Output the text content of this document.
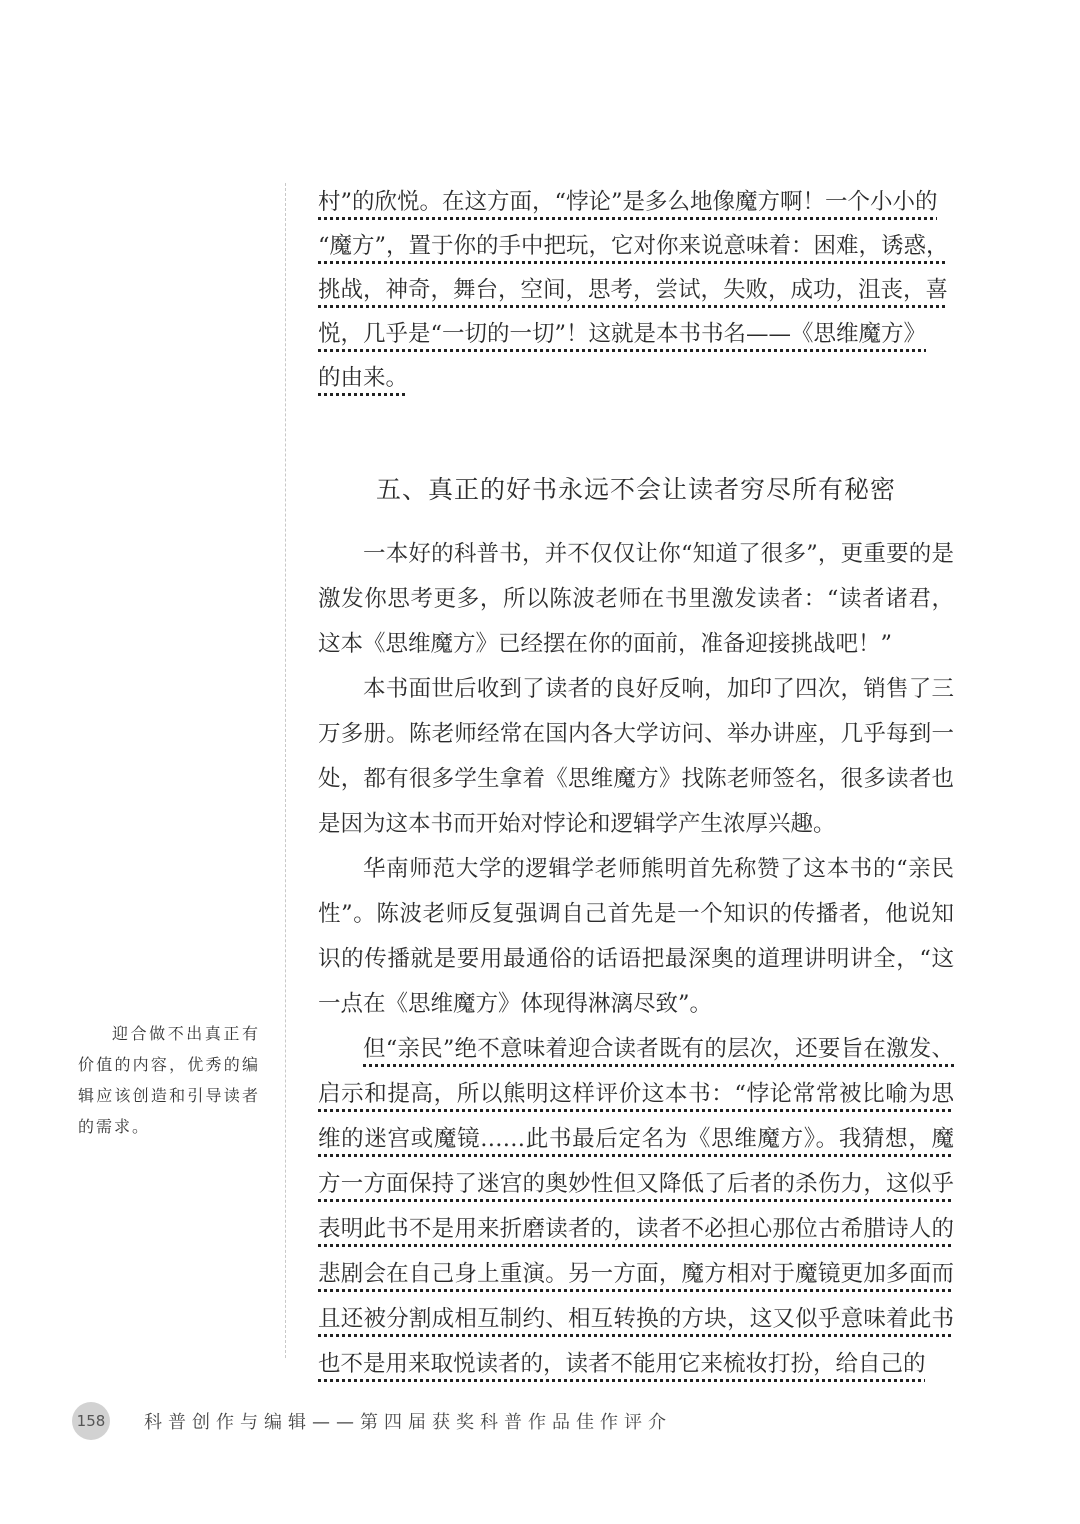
村”的欣悦。在这方面，“悖论”是多么地像魔方啊！一个小小的

“魔方”，置于你的手中把玩，它对你来说意味着：困难，诱惑，

挑战，神奇，舞台，空间，思考，尝试，失败，成功，沮丧，喜

悦，几乎是“一切的一切”！这就是本书书名——《思维魔方》

的由来。

五、真正的好书永远不会让读者穷尽所有秘密

一本好的科普书，并不仅仅让你“知道了很多”，更重要的是激发你思考更多，所以陈波老师在书里激发读者：“读者诸君，这本《思维魔方》已经摆在你的面前，准备迎接挑战吧！”

本书面世后收到了读者的良好反响，加印了四次，销售了三万多册。陈老师经常在国内各大学访问、举办讲座，几乎每到一处，都有很多学生拿着《思维魔方》找陈老师签名，很多读者也是因为这本书而开始对悖论和逻辑学产生浓厚兴趣。

华南师范大学的逻辑学老师熊明首先称赞了这本书的“亲民性”。陈波老师反复强调自己首先是一个知识的传播者，他说知识的传播就是要用最通俗的话语把最深奥的道理讲明讲全，“这一点在《思维魔方》体现得淋漓尽致”。

但“亲民”绝不意味着迎合读者既有的层次，还要旨在激发、启示和提高，所以熊明这样评价这本书：“悖论常常被比喻为思维的迷宫或魔镜……此书最后定名为《思维魔方》。我猜想，魔方一方面保持了迷宫的奥妙性但又降低了后者的杀伤力，这似乎表明此书不是用来折磨读者的，读者不必担心那位古希腊诗人的悲剧会在自己身上重演。另一方面，魔方相对于魔镜更加多面而且还被分割成相互制约、相互转换的方块，这又似乎意味着此书也不是用来取悦读者的，读者不能用它来梳妆打扮，给自己的

迎合做不出真正有价值的内容，优秀的编辑应该创造和引导读者的需求。
158 科普创作与编辑——第四届获奖科普作品佳作评介
